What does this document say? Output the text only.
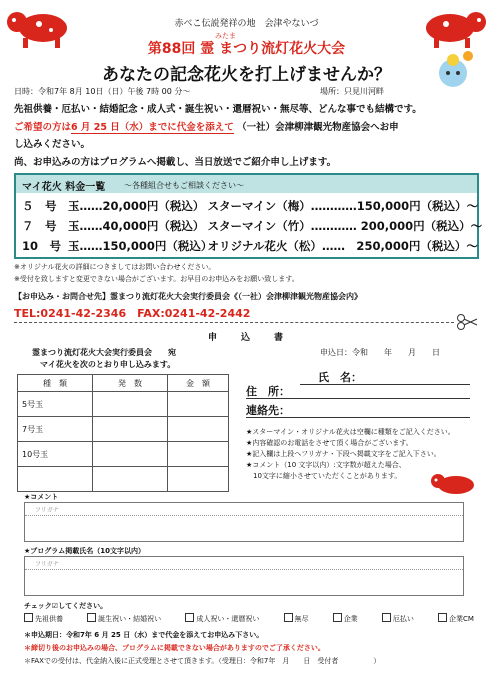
赤べこ伝説発祥の地　会津やないづ
みたま
第88回 霊 まつり流灯花火大会
あなたの記念花火を打上げませんか？
日時：令和7年 8月 10日（日）午後 7時 00 分～	場所：只見川河畔
先祖供養・厄払い・結婚記念・成人式・誕生祝い・還暦祝い・無尽等、どんな事でも結構です。
ご希望の方は6 月 25 日（水）までに代金を添えて （一社）会津柳津観光物産協会へお申
し込みください。
尚、お申込みの方はプログラムへ掲載し、当日放送でご紹介申し上げます。
マイ花火 料金一覧 ～各種組合せもご相談ください～
５　号 玉……20,000円（税込） スターマイン（梅）…………150,000円（税込）～
７　号 玉……40,000円（税込） スターマイン（竹）………… 200,000円（税込）～
10　号 玉……150,000円（税込）オリジナル花火（松）……　250,000円（税込）～
※オリジナル花火の詳細につきましてはお問い合わせください。
※受付を致しますと変更できない場合がございます。お早目のお申込みをお願い致します。
【お申込み・お問合せ先】霊まつり流灯花火大会実行委員会《（一社）会津柳津観光物産協会内》
TEL:0241-42-2346　FAX:0241-42-2442
申　　込　　書
霊まつり流灯花火大会実行委員会　　宛	申込日：令和　　年　　月　　日
マイ花火を次のとおり申し込みます。
種　類	発　数	金　額
5号玉		
7号玉		
10号玉		

氏　名：
住　所：
連絡先：
★スターマイン・オリジナル花火は空欄に種類をご記入ください。
★内容確認のお電話をさせて頂く場合がございます。
★記入欄は上段へフリガナ・下段へ掲載文字をご記入下さい。
★コメント（10 文字以内）:文字数が超えた場合、
　10文字に縮小させていただくことがあります。
★コメント
フリガナ
★プログラム掲載氏名（10文字以内）
フリガナ
チェック☑してください。
先祖供養	誕生祝い・結婚祝い	成人祝い・還暦祝い	無尽	企業	厄払い	企業CM
＊申込期日：令和7年 6 月 25 日（水）まで代金を添えてお申込み下さい。
＊締切り後のお申込みの場合、プログラムに掲載できない場合がありますのでご了承ください。
＊FAXでの受付は、代金納入後に正式受理とさせて頂きます。（受理日：令和7年　月　　日　受付者　　　　　）
